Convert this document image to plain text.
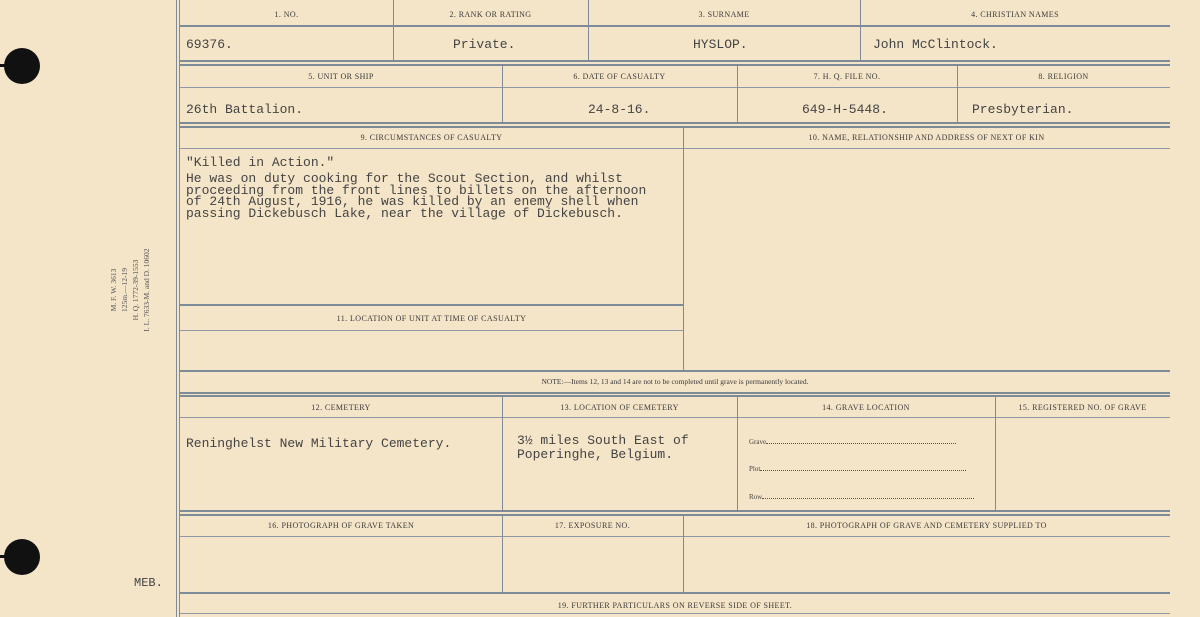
M. F. W. 3613 125m.—12-19 H. Q. 1772-39-1553 I. L. 7633-M. and D. 10602
MEB.
1. NO.	2. RANK OR RATING	3. SURNAME	4. CHRISTIAN NAMES
69376.	Private.	HYSLOP.	John McClintock.
5. UNIT OR SHIP	6. DATE OF CASUALTY	7. H. Q. FILE NO.	8. RELIGION
26th Battalion.	24-8-16.	649-H-5448.	Presbyterian.
9. CIRCUMSTANCES OF CASUALTY	10. NAME, RELATIONSHIP AND ADDRESS OF NEXT OF KIN
"Killed in Action."
He was on duty cooking for the Scout Section, and whilst
proceeding from the front lines to billets on the afternoon
of 24th August, 1916, he was killed by an enemy shell when
passing Dickebusch Lake, near the village of Dickebusch.
11. LOCATION OF UNIT AT TIME OF CASUALTY
NOTE:—Items 12, 13 and 14 are not to be completed until grave is permanently located.
12. CEMETERY	13. LOCATION OF CEMETERY	14. GRAVE LOCATION	15. REGISTERED NO. OF GRAVE
Reninghelst New Military Cemetery.	3½ miles South East of
Poperinghe, Belgium.
Grave
Plot
Row
16. PHOTOGRAPH OF GRAVE TAKEN	17. EXPOSURE NO.	18. PHOTOGRAPH OF GRAVE AND CEMETERY SUPPLIED TO
19. FURTHER PARTICULARS ON REVERSE SIDE OF SHEET.
